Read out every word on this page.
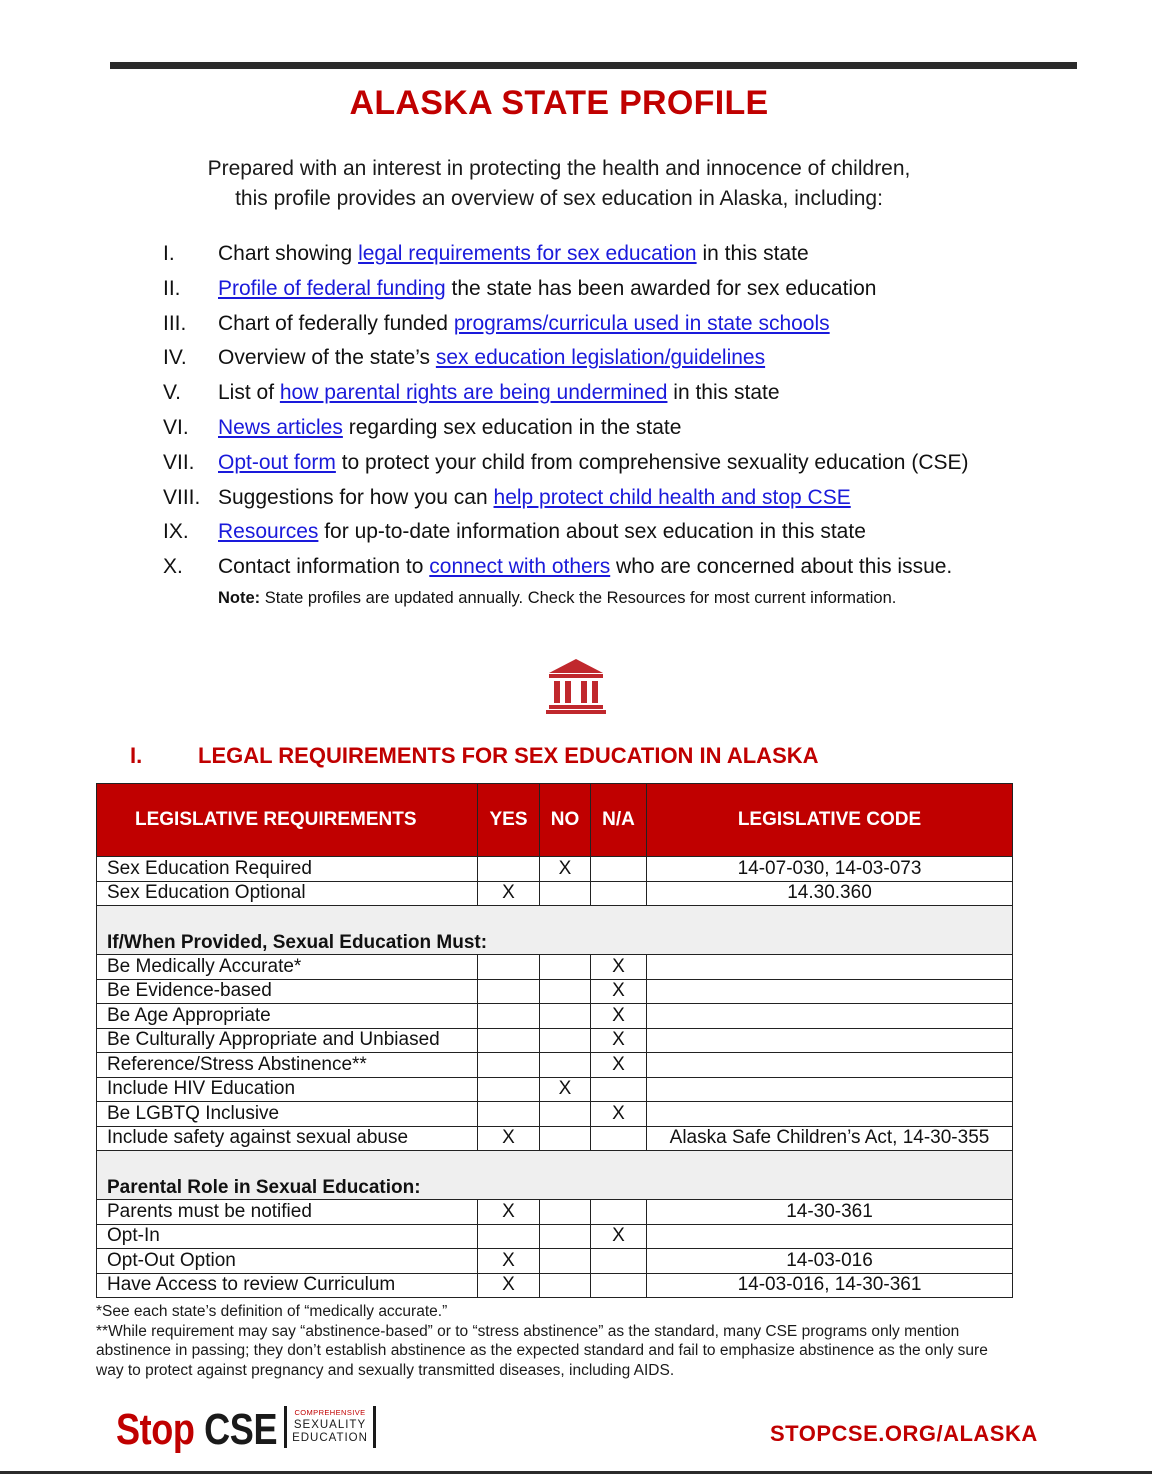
ALASKA STATE PROFILE
Prepared with an interest in protecting the health and innocence of children,
this profile provides an overview of sex education in Alaska, including:
I. Chart showing legal requirements for sex education in this state
II. Profile of federal funding the state has been awarded for sex education
III. Chart of federally funded programs/curricula used in state schools
IV. Overview of the state’s sex education legislation/guidelines
V. List of how parental rights are being undermined in this state
VI. News articles regarding sex education in the state
VII. Opt-out form to protect your child from comprehensive sexuality education (CSE)
VIII. Suggestions for how you can help protect child health and stop CSE
IX. Resources for up-to-date information about sex education in this state
X. Contact information to connect with others who are concerned about this issue.
Note: State profiles are updated annually. Check the Resources for most current information.
I.	LEGAL REQUIREMENTS FOR SEX EDUCATION IN ALASKA
LEGISLATIVE REQUIREMENTS	YES	NO	N/A	LEGISLATIVE CODE
Sex Education Required		X		14-07-030, 14-03-073
Sex Education Optional	X			14.30.360
If/When Provided, Sexual Education Must:				
Be Medically Accurate*			X	
Be Evidence-based			X	
Be Age Appropriate			X	
Be Culturally Appropriate and Unbiased			X	
Reference/Stress Abstinence**			X	
Include HIV Education		X		
Be LGBTQ Inclusive			X	
Include safety against sexual abuse	X			Alaska Safe Children’s Act, 14-30-355
Parental Role in Sexual Education:				
Parents must be notified	X			14-30-361
Opt-In			X	
Opt-Out Option	X			14-03-016
Have Access to review Curriculum	X			14-03-016, 14-30-361
*See each state’s definition of “medically accurate.”
**While requirement may say “abstinence-based” or to “stress abstinence” as the standard, many CSE programs only mention abstinence in passing; they don’t establish abstinence as the expected standard and fail to emphasize abstinence as the only sure way to protect against pregnancy and sexually transmitted diseases, including AIDS.
Stop CSE	COMPREHENSIVE
SEXUALITY
EDUCATION	STOPCSE.ORG/ALASKA
